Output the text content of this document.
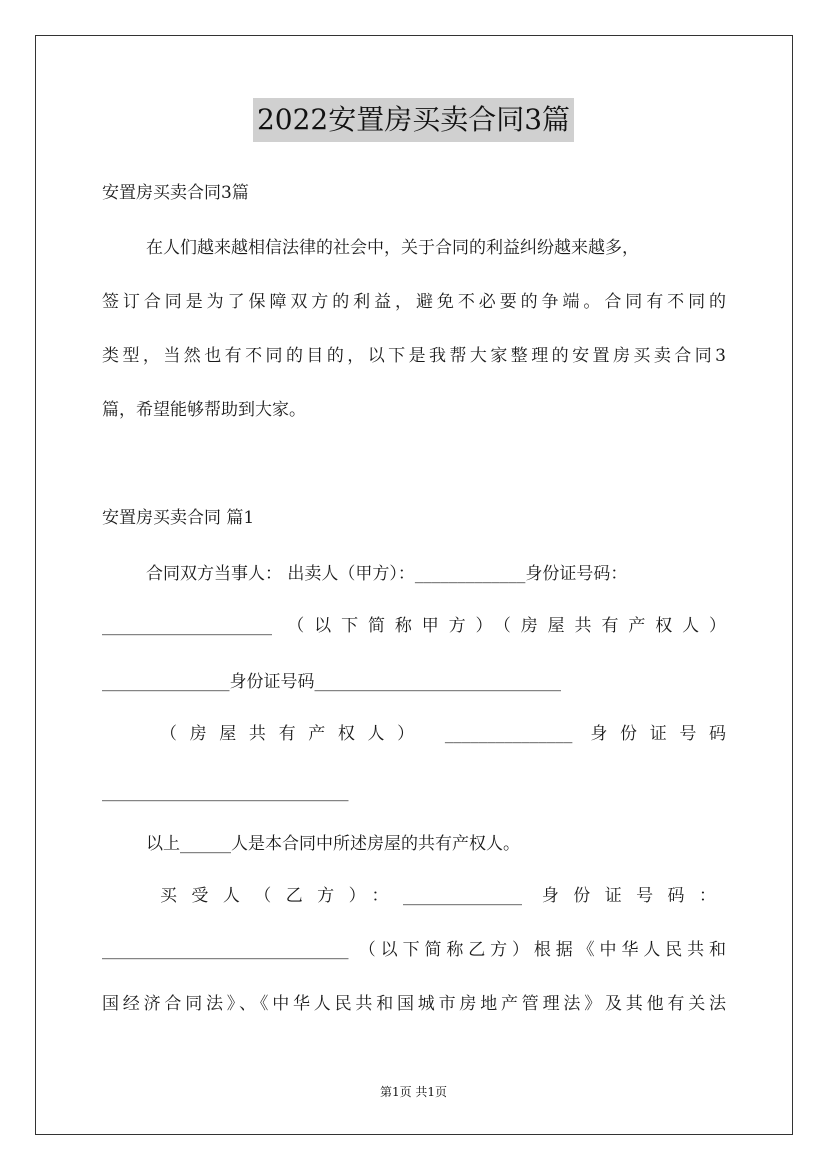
2022安置房买卖合同3篇
安置房买卖合同3篇
在人们越来越相信法律的社会中，关于合同的利益纠纷越来越多，
签订合同是为了保障双方的利益，避免不必要的争端。合同有不同的
类型，当然也有不同的目的，以下是我帮大家整理的安置房买卖合同3
篇，希望能够帮助到大家。
安置房买卖合同 篇1
合同双方当事人： 出卖人（甲方）：_____________身份证号码：
____________________ （以下简称甲方）（房屋共有产权人）
_______________身份证号码_____________________________
（房屋共有产权人） _______________ 身份证号码
_____________________________
以上______人是本合同中所述房屋的共有产权人。
买受人（乙方）：______________ 身份证号码：
_____________________________ （以下简称乙方）根据《中华人民共和
国经济合同法》、《中华人民共和国城市房地产管理法》及其他有关法
第1页 共1页
